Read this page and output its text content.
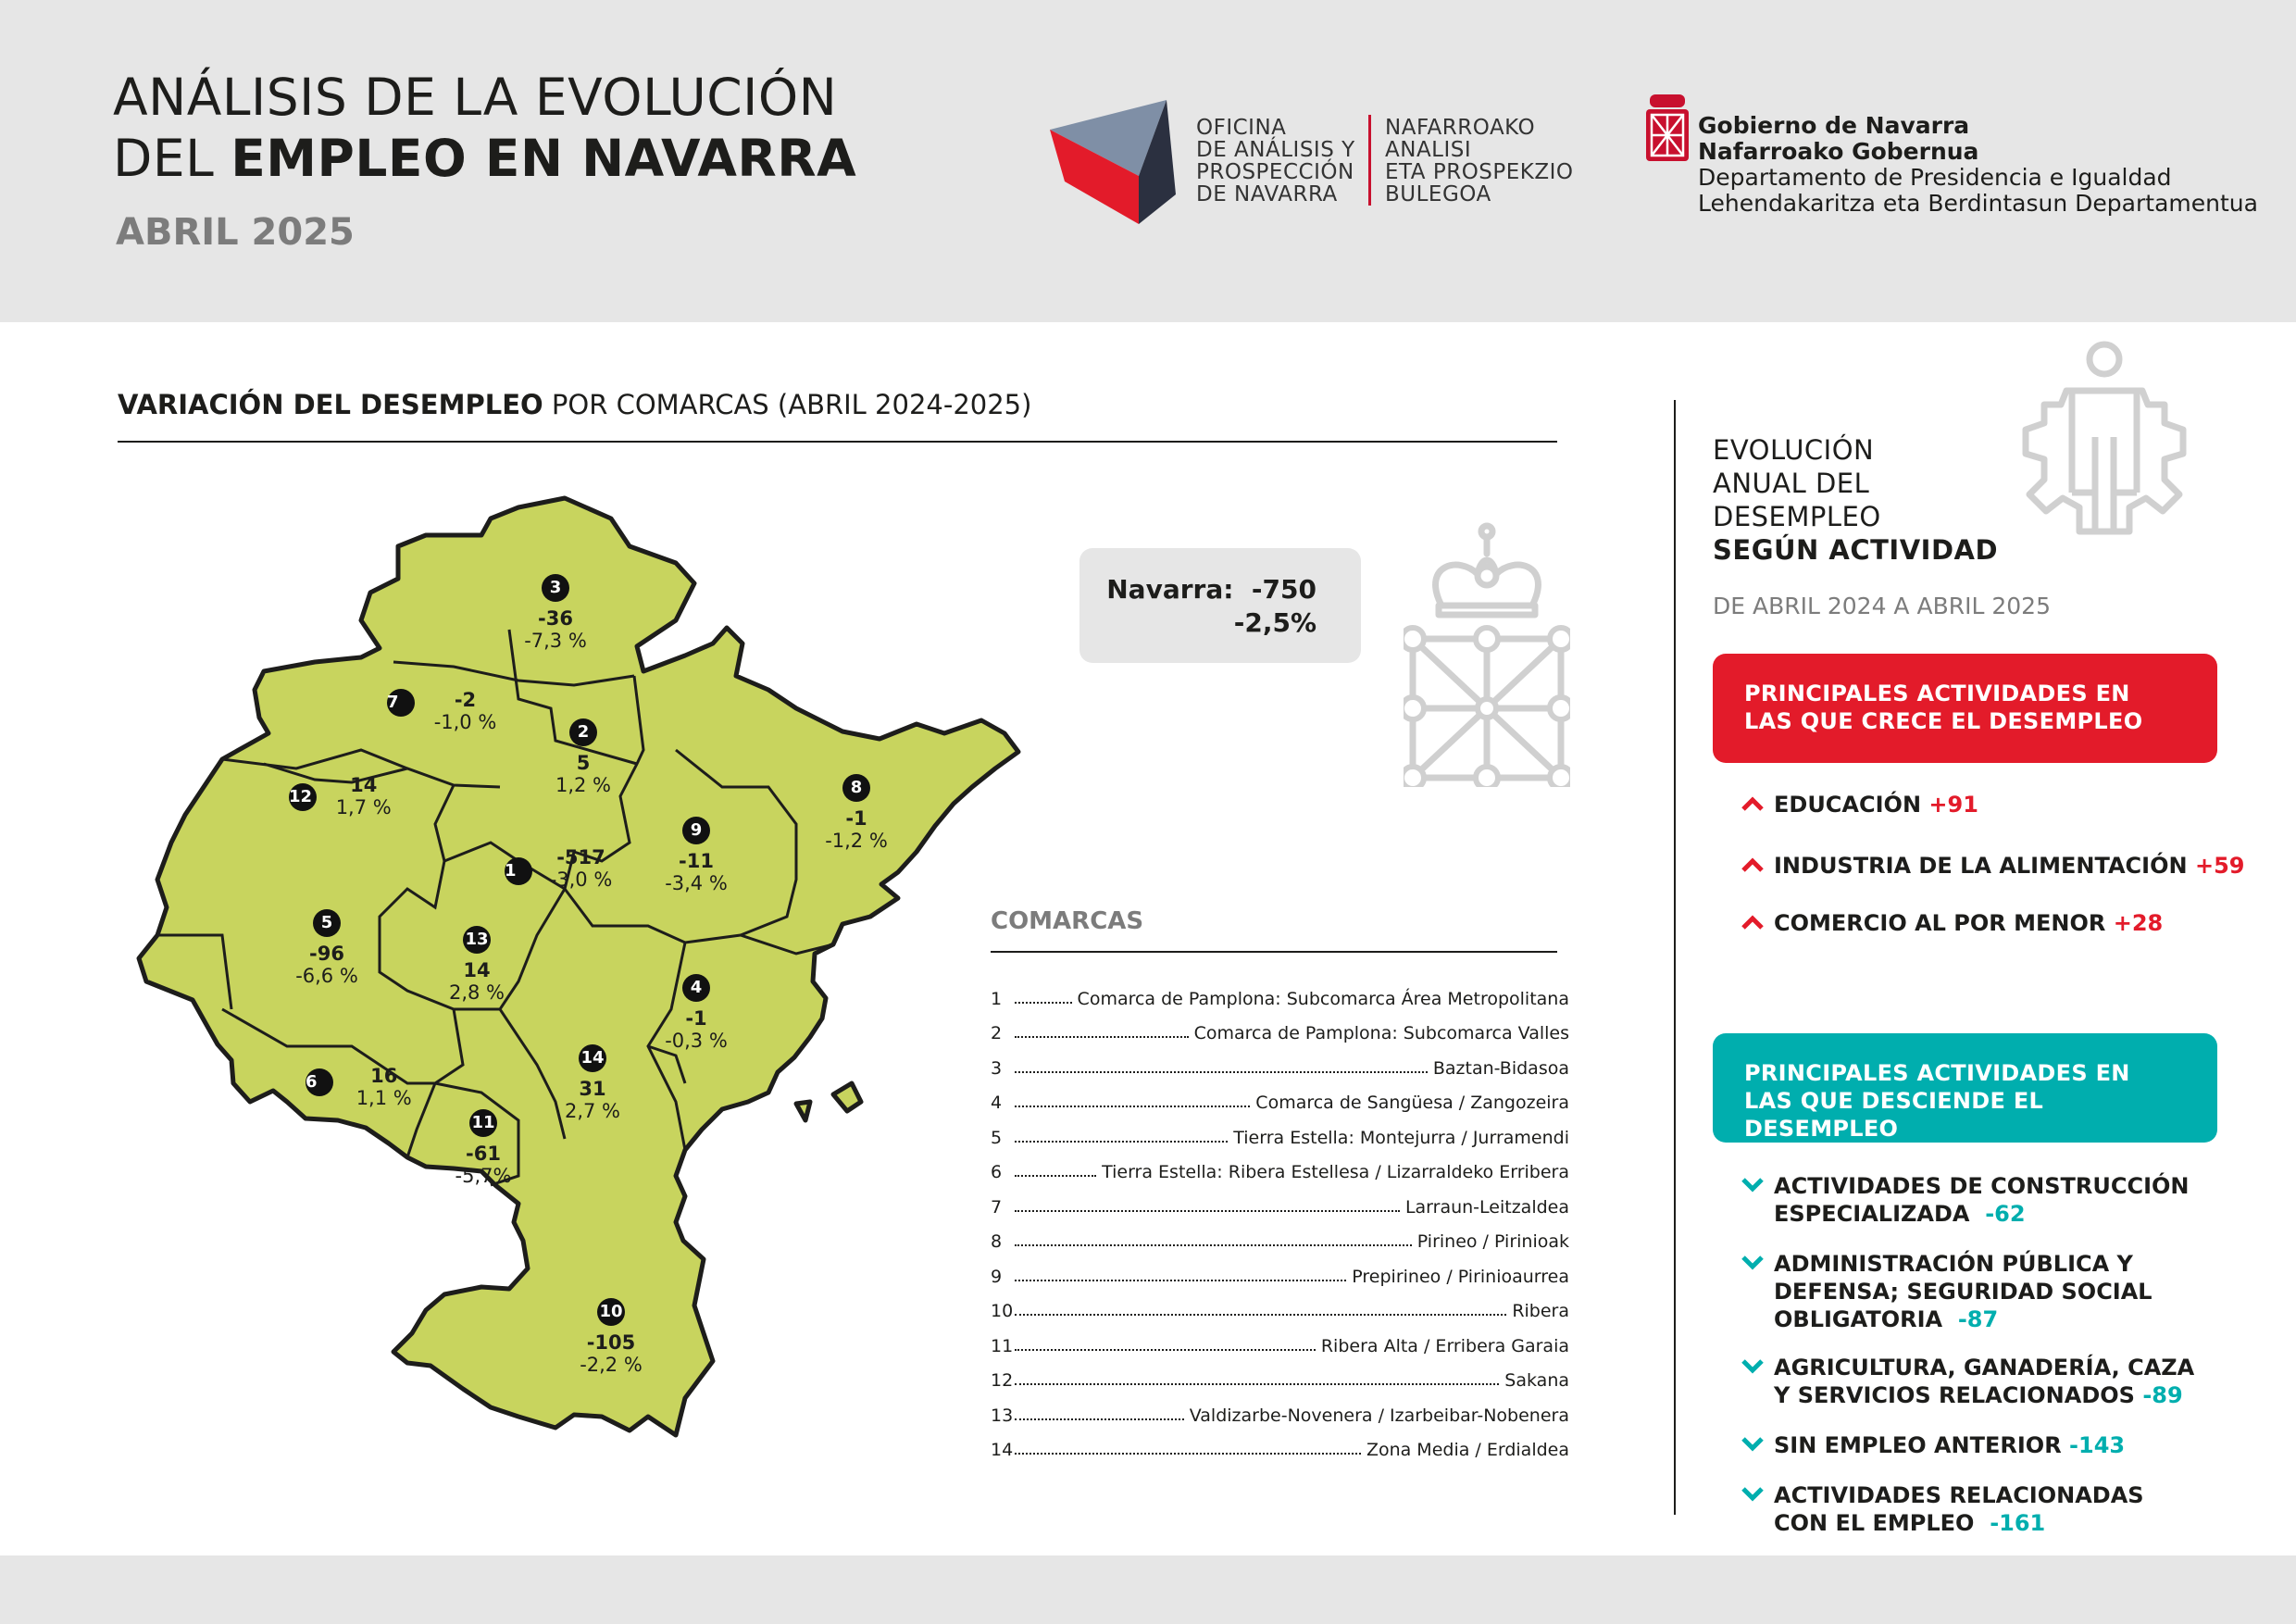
ANÁLISIS DE LA EVOLUCIÓN
DEL EMPLEO EN NAVARRA
ABRIL 2025
OFICINA
DE ANÁLISIS Y
PROSPECCIÓN
DE NAVARRA
NAFARROAKO
ANALISI
ETA PROSPEKZIO
BULEGOA
Gobierno de Navarra
Nafarroako Gobernua
Departamento de Presidencia e Igualdad
Lehendakaritza eta Berdintasun Departamentua
VARIACIÓN DEL DESEMPLEO POR COMARCAS (ABRIL 2024-2025)
3
-36
-7,3 %
7	-2
-1,0 %	2
5
1,2 %
12
14
1,7 %
8
-1
-1,2 %
9
-11
-3,4 %
1
-517
-3,0 %
5
-96
-6,6 %
13
14
2,8 %	4
-1
-0,3 %
6	16
1,1 %
14
31
2,7 %
11
-61
-5,7%
10
-105
-2,2 %
Navarra: -750
-2,5%
COMARCAS
1	Comarca de Pamplona: Subcomarca Área Metropolitana
2	Comarca de Pamplona: Subcomarca Valles
3	Baztan-Bidasoa
4	Comarca de Sangüesa / Zangozeira
5	Tierra Estella: Montejurra / Jurramendi
6	Tierra Estella: Ribera Estellesa / Lizarraldeko Erribera
7	Larraun-Leitzaldea
8	Pirineo / Pirinioak
9	Prepirineo / Pirinioaurrea
10	Ribera
11	Ribera Alta / Erribera Garaia
12	Sakana
13	Valdizarbe-Novenera / Izarbeibar-Nobenera
14	Zona Media / Erdialdea
EVOLUCIÓN
ANUAL DEL
DESEMPLEO
SEGÚN ACTIVIDAD
DE ABRIL 2024 A ABRIL 2025
PRINCIPALES ACTIVIDADES EN LAS QUE CRECE EL DESEMPLEO
EDUCACIÓN +91
INDUSTRIA DE LA ALIMENTACIÓN +59
COMERCIO AL POR MENOR +28
PRINCIPALES ACTIVIDADES EN LAS QUE DESCIENDE EL DESEMPLEO
ACTIVIDADES DE CONSTRUCCIÓN ESPECIALIZADA -62
ADMINISTRACIÓN PÚBLICA Y DEFENSA; SEGURIDAD SOCIAL OBLIGATORIA -87
AGRICULTURA, GANADERÍA, CAZA Y SERVICIOS RELACIONADOS -89
SIN EMPLEO ANTERIOR -143
ACTIVIDADES RELACIONADAS CON EL EMPLEO -161
